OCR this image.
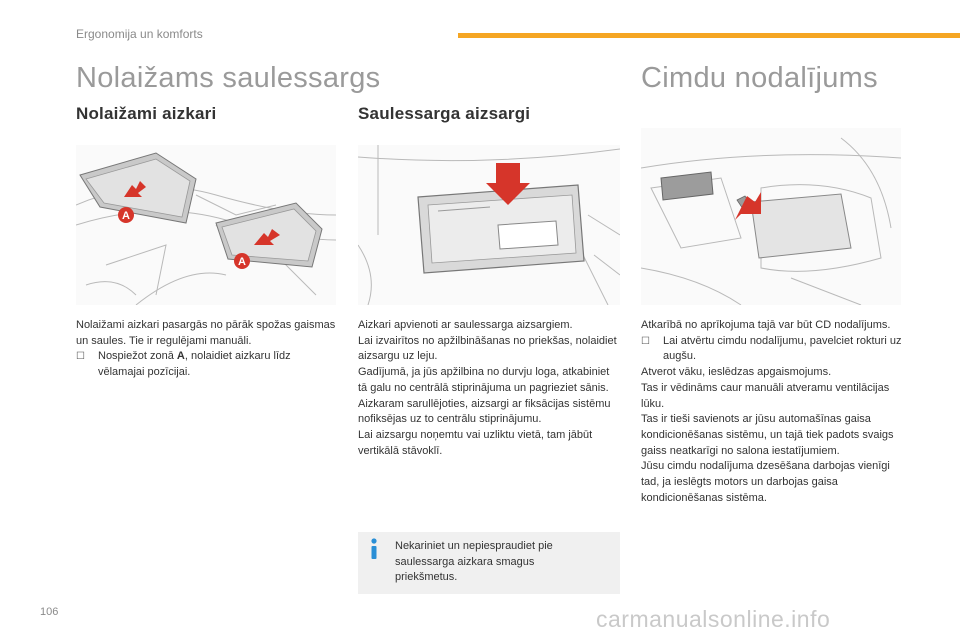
Ergonomija un komforts
Nolaižams saulessargs	Cimdu nodalījums
Nolaižami aizkari	Saulessarga aizsargi
A
A

Nolaižami aizkari pasargās no pārāk spožas gaismas un saules. Tie ir regulējami manuāli.

☐	Nospiežot zonā A, nolaidiet aizkaru līdz vēlamajai pozīcijai.

Aizkari apvienoti ar saulessarga aizsargiem.

Lai izvairītos no apžilbināšanas no priekšas, nolaidiet aizsargu uz leju.

Gadījumā, ja jūs apžilbina no durvju loga, atkabiniet tā galu no centrālā stiprinājuma un pagrieziet sānis.

Aizkaram sarullējoties, aizsargi ar fiksācijas sistēmu nofiksējas uz to centrālu stiprinājumu.

Lai aizsargu noņemtu vai uzliktu vietā, tam jābūt vertikālā stāvoklī.

Nekariniet un nepiespraudiet pie saulessarga aizkara smagus priekšmetus.

Atkarībā no aprīkojuma tajā var būt CD nodalījums.

☐	Lai atvērtu cimdu nodalījumu, pavelciet rokturi uz augšu.

Atverot vāku, ieslēdzas apgaismojums.

Tas ir vēdināms caur manuāli atveramu ventilācijas lūku.

Tas ir tieši savienots ar jūsu automašīnas gaisa kondicionēšanas sistēmu, un tajā tiek padots svaigs gaiss neatkarīgi no salona iestatījumiem.

Jūsu cimdu nodalījuma dzesēšana darbojas vienīgi tad, ja ieslēgts motors un darbojas gaisa kondicionēšanas sistēma.

106	carmanualsonline.info
